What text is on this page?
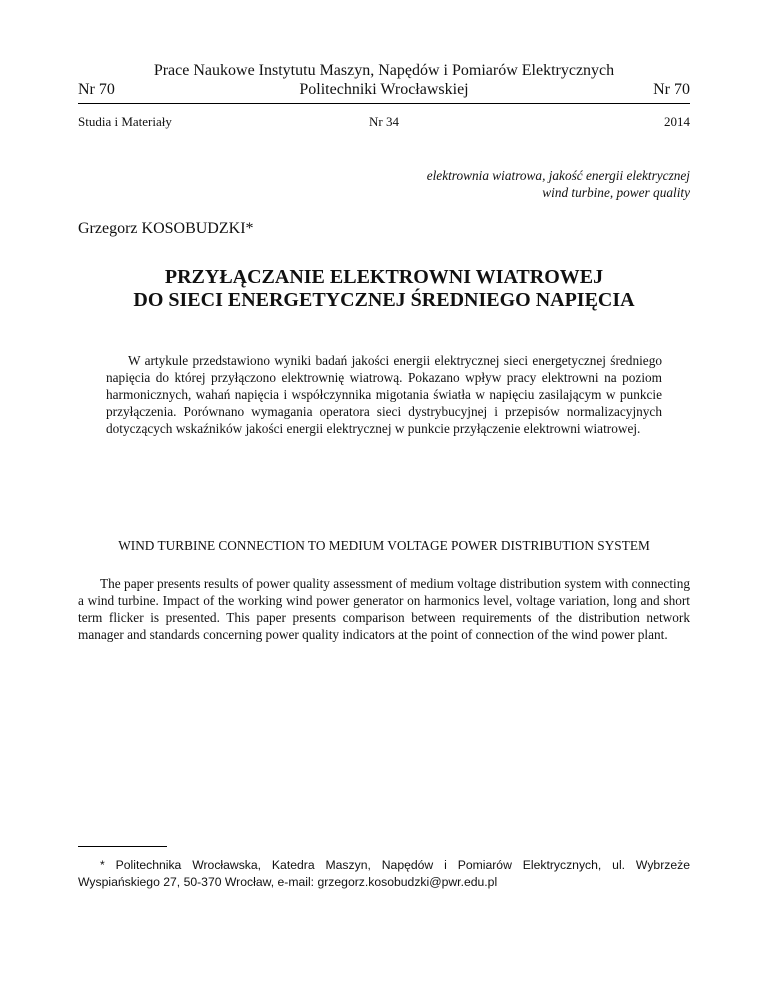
Prace Naukowe Instytutu Maszyn, Napędów i Pomiarów Elektrycznych
Nr 70	Politechniki Wrocławskiej	Nr 70
Studia i Materiały	Nr 34	2014
elektrownia wiatrowa, jakość energii elektrycznej
wind turbine, power quality
Grzegorz KOSOBUDZKI*
PRZYŁĄCZANIE ELEKTROWNI WIATROWEJ
DO SIECI ENERGETYCZNEJ ŚREDNIEGO NAPIĘCIA

W artykule przedstawiono wyniki badań jakości energii elektrycznej sieci energetycznej średniego napięcia do której przyłączono elektrownię wiatrową. Pokazano wpływ pracy elektrowni na poziom harmonicznych, wahań napięcia i współczynnika migotania światła w napięciu zasilającym w punkcie przyłączenia. Porównano wymagania operatora sieci dystrybucyjnej i przepisów normalizacyjnych dotyczących wskaźników jakości energii elektrycznej w punkcie przyłączenie elektrowni wiatrowej.

WIND TURBINE CONNECTION TO MEDIUM VOLTAGE POWER DISTRIBUTION SYSTEM

The paper presents results of power quality assessment of medium voltage distribution system with connecting a wind turbine. Impact of the working wind power generator on harmonics level, voltage variation, long and short term flicker is presented. This paper presents comparison between requirements of the distribution network manager and standards concerning power quality indicators at the point of connection of the wind power plant.

* Politechnika Wrocławska, Katedra Maszyn, Napędów i Pomiarów Elektrycznych, ul. Wybrzeże Wyspiańskiego 27, 50-370 Wrocław, e-mail: grzegorz.kosobudzki@pwr.edu.pl
